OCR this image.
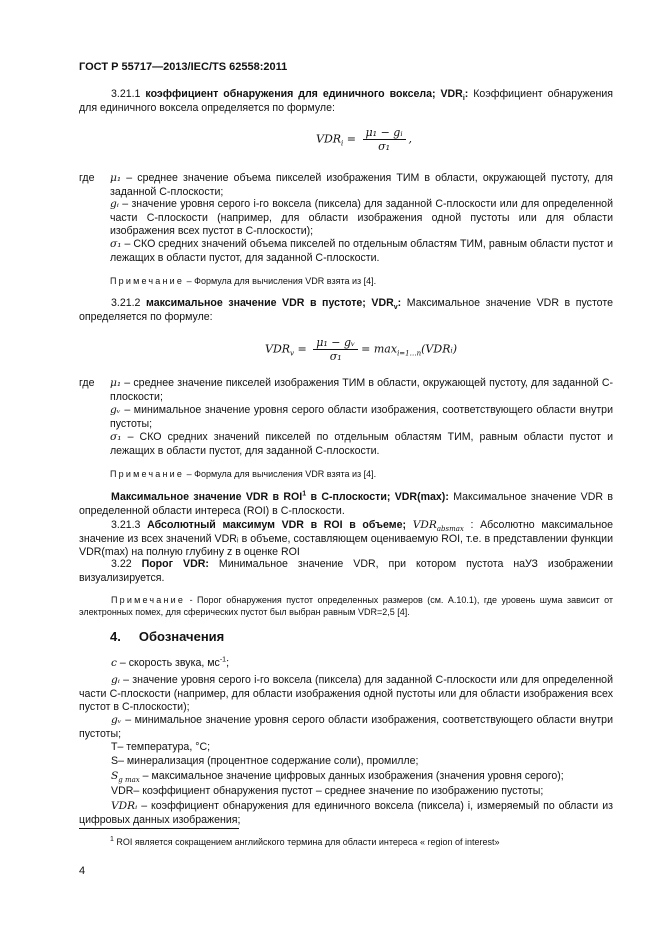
ГОСТ Р 55717—2013/IEC/TS 62558:2011
3.21.1 коэффициент обнаружения для единичного воксела; $VDR_i$: Коэффициент обнаружения для единичного воксела определяется по формуле:
$VDR_i = \frac{\text{μ₁ − gᵢ}}{\text{σ₁}}$ ,
где μ₁ – среднее значение объема пикселей изображения ТИМ в области, окружающей пустоту, для заданной С-плоскости;
gᵢ – значение уровня серого i-го воксела (пиксела) для заданной С-плоскости или для определенной части С-плоскости (например, для области изображения одной пустоты или для области изображения всех пустот в С-плоскости);
σ₁ – СКО средних значений объема пикселей по отдельным областям ТИМ, равным области пустот и лежащих в области пустот, для заданной С-плоскости.
Примечание – Формула для вычисления VDR взята из [4].
3.21.2 максимальное значение VDR в пустоте; $VDR_v$: Максимальное значение VDR в пустоте определяется по формуле:
$VDR_v = \frac{\text{μ₁ − gᵥ}}{\text{σ₁}}$ = $\max_{i=1\dots n}(VDRᵢ)$
где μ₁ – среднее значение пикселей изображения ТИМ в области, окружающей пустоту, для заданной С-плоскости;
gᵥ – минимальное значение уровня серого области изображения, соответствующего области внутри пустоты;
σ₁ – СКО средних значений пикселей по отдельным областям ТИМ, равным области пустот и лежащих в области пустот, для заданной С-плоскости.
Примечание – Формула для вычисления VDR взята из [4].
Максимальное значение VDR в ROI$^1$ в С-плоскости; VDR(max): Максимальное значение VDR в определенной области интереса (ROI) в С-плоскости.
3.21.3 Абсолютный максимум VDR в ROI в объеме; $VDR_{absmax}$ : Абсолютно максимальное значение из всех значений VDRᵢ в объеме, составляющем оцениваемую ROI, т.е. в представлении функции VDR(max) на полную глубину z в оценке ROI
3.22 Порог VDR: Минимальное значение VDR, при котором пустота наУЗ изображении визуализируется.
Примечание - Порог обнаружения пустот определенных размеров (см. А.10.1), где уровень шума зависит от электронных помех, для сферических пустот был выбран равным VDR=2,5 [4].
4. Обозначения
c – скорость звука, $мс^{-1}$;
gᵢ – значение уровня серого i-го воксела (пиксела) для заданной С-плоскости или для определенной части С-плоскости (например, для области изображения одной пустоты или для области изображения всех пустот в С-плоскости);
gᵥ – минимальное значение уровня серого области изображения, соответствующего области внутри пустоты;
T– температура, °C;
S– минерализация (процентное содержание соли), промилле;
$S_{g max}$ – максимальное значение цифровых данных изображения (значения уровня серого);
VDR– коэффициент обнаружения пустот – среднее значение по изображению пустоты;
VDRᵢ – коэффициент обнаружения для единичного воксела (пиксела) i, измеряемый по области из цифровых данных изображения;
$^1$ ROI является сокращением английского термина для области интереса « region of interest»
4
